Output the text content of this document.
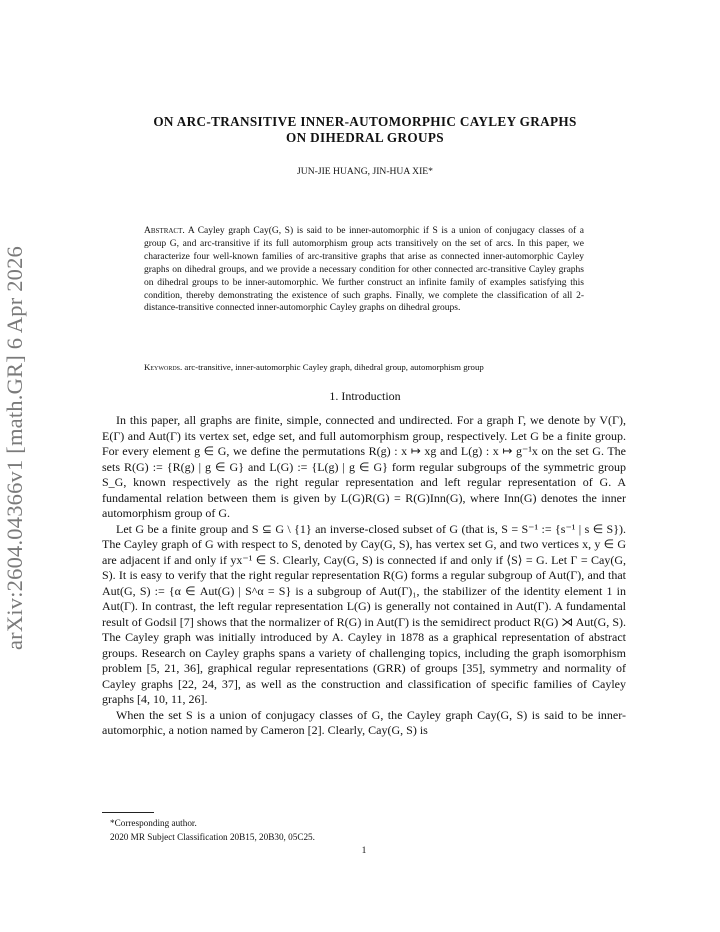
arXiv:2604.04366v1 [math.GR] 6 Apr 2026
ON ARC-TRANSITIVE INNER-AUTOMORPHIC CAYLEY GRAPHS
ON DIHEDRAL GROUPS
JUN-JIE HUANG, JIN-HUA XIE*

Abstract. A Cayley graph Cay(G, S) is said to be inner-automorphic if S is a union of conjugacy classes of a group G, and arc-transitive if its full automorphism group acts transitively on the set of arcs. In this paper, we characterize four well-known families of arc-transitive graphs that arise as connected inner-automorphic Cayley graphs on dihedral groups, and we provide a necessary condition for other connected arc-transitive Cayley graphs on dihedral groups to be inner-automorphic. We further construct an infinite family of examples satisfying this condition, thereby demonstrating the existence of such graphs. Finally, we complete the classification of all 2-distance-transitive connected inner-automorphic Cayley graphs on dihedral groups.

Keywords. arc-transitive, inner-automorphic Cayley graph, dihedral group, automorphism group
1. Introduction

In this paper, all graphs are finite, simple, connected and undirected. For a graph Γ, we denote by V(Γ), E(Γ) and Aut(Γ) its vertex set, edge set, and full automorphism group, respectively. Let G be a finite group. For every element g ∈ G, we define the permutations R(g) : x ↦ xg and L(g) : x ↦ g⁻¹x on the set G. The sets R(G) := {R(g) | g ∈ G} and L(G) := {L(g) | g ∈ G} form regular subgroups of the symmetric group S_G, known respectively as the right regular representation and left regular representation of G. A fundamental relation between them is given by L(G)R(G) = R(G)Inn(G), where Inn(G) denotes the inner automorphism group of G.

Let G be a finite group and S ⊆ G \ {1} an inverse-closed subset of G (that is, S = S⁻¹ := {s⁻¹ | s ∈ S}). The Cayley graph of G with respect to S, denoted by Cay(G, S), has vertex set G, and two vertices x, y ∈ G are adjacent if and only if yx⁻¹ ∈ S. Clearly, Cay(G, S) is connected if and only if ⟨S⟩ = G. Let Γ = Cay(G, S). It is easy to verify that the right regular representation R(G) forms a regular subgroup of Aut(Γ), and that Aut(G, S) := {α ∈ Aut(G) | S^α = S} is a subgroup of Aut(Γ)₁, the stabilizer of the identity element 1 in Aut(Γ). In contrast, the left regular representation L(G) is generally not contained in Aut(Γ). A fundamental result of Godsil [7] shows that the normalizer of R(G) in Aut(Γ) is the semidirect product R(G) ⋊ Aut(G, S). The Cayley graph was initially introduced by A. Cayley in 1878 as a graphical representation of abstract groups. Research on Cayley graphs spans a variety of challenging topics, including the graph isomorphism problem [5, 21, 36], graphical regular representations (GRR) of groups [35], symmetry and normality of Cayley graphs [22, 24, 37], as well as the construction and classification of specific families of Cayley graphs [4, 10, 11, 26].

When the set S is a union of conjugacy classes of G, the Cayley graph Cay(G, S) is said to be inner-automorphic, a notion named by Cameron [2]. Clearly, Cay(G, S) is

*Corresponding author.
2020 MR Subject Classification 20B15, 20B30, 05C25.
1
